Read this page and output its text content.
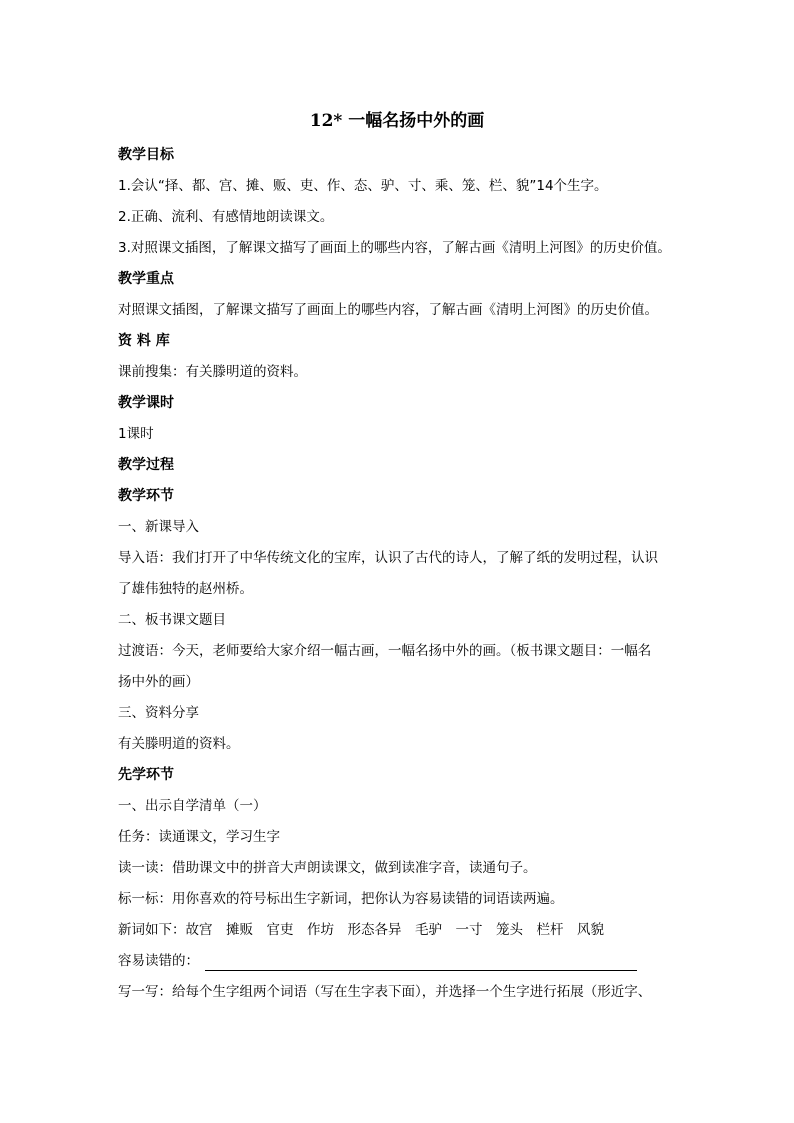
12* 一幅名扬中外的画
教学目标
1.会认“择、都、宫、摊、贩、吏、作、态、驴、寸、乘、笼、栏、貌”14个生字。
2.正确、流利、有感情地朗读课文。
3.对照课文插图，了解课文描写了画面上的哪些内容，了解古画《清明上河图》的历史价值。
教学重点
对照课文插图，了解课文描写了画面上的哪些内容，了解古画《清明上河图》的历史价值。
资 料 库
课前搜集：有关滕明道的资料。
教学课时
1课时
教学过程
教学环节
一、新课导入
导入语：我们打开了中华传统文化的宝库，认识了古代的诗人，了解了纸的发明过程，认识
了雄伟独特的赵州桥。
二、板书课文题目
过渡语：今天，老师要给大家介绍一幅古画，一幅名扬中外的画。（板书课文题目：一幅名
扬中外的画）
三、资料分享
有关滕明道的资料。
先学环节
一、出示自学清单（一）
任务：读通课文，学习生字
读一读：借助课文中的拼音大声朗读课文，做到读准字音，读通句子。
标一标：用你喜欢的符号标出生字新词，把你认为容易读错的词语读两遍。
新词如下：故宫　摊贩　官吏　作坊　形态各异　毛驴　一寸　笼头　栏杆　风貌
容易读错的：
写一写：给每个生字组两个词语（写在生字表下面），并选择一个生字进行拓展（形近字、
